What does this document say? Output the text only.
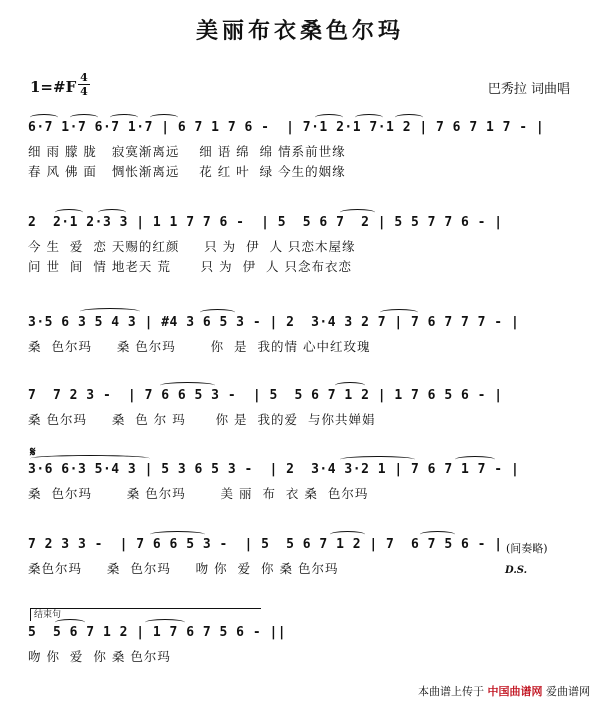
美丽布衣桑色尔玛
1=#F
4
4	巴秀拉 词曲唱
6·7 1·7 6·7 1·7 | 6 7 1 7 6 -  | 7·1 2·1 7·1 2 | 7 6 7 1 7 - |
细 雨 朦 胧   寂寞渐离远    细 语 绵  绵 情系前世缘
春 风 佛 面   惆怅渐离远    花 红 叶  绿 今生的姻缘
2  2·1 2·3 3 | 1 1 7 7 6 -  | 5  5 6 7  2 | 5 5 7 7 6 - |
今 生  爱  恋 天赐的红颜     只 为  伊  人 只恋木屋缘
问 世  间  情 地老天 荒      只 为  伊  人 只念布衣恋
3·5 6 3 5 4 3 | #4 3 6 5 3 - | 2  3·4 3 2 7 | 7 6 7 7 7 - |
桑  色尔玛     桑 色尔玛       你  是  我的情 心中红玫瑰
7  7 2 3 -  | 7 6 6 5 3 -  | 5  5 6 7 1 2 | 1 7 6 5 6 - |
桑 色尔玛     桑  色 尔 玛      你 是  我的爱  与你共婵娟
𝄋
3·6 6·3 5·4 3 | 5 3 6 5 3 -  | 2  3·4 3·2 1 | 7 6 7 1 7 - |
桑  色尔玛       桑 色尔玛       美 丽  布  衣 桑  色尔玛
7 2 3 3 -  | 7 6 6 5 3 -  | 5  5 6 7 1 2 | 7  6 7 5 6 - |
桑色尔玛     桑  色尔玛     吻 你  爱  你 桑 色尔玛
(间奏略)
D.S.
结束句
5  5 6 7 1 2 | 1 7 6 7 5 6 - ||
吻 你  爱  你 桑 色尔玛
本曲谱上传于 中国曲谱网 爱曲谱网
